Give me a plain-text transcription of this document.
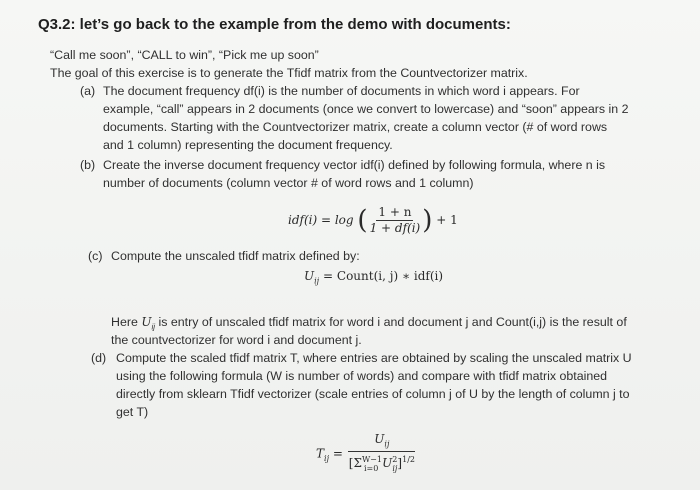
Q3.2: let’s go back to the example from the demo with documents:
“Call me soon”, “CALL to win”, “Pick me up soon”
The goal of this exercise is to generate the Tfidf matrix from the Countvectorizer matrix.
(a) The document frequency df(i) is the number of documents in which word i appears. For
example, “call” appears in 2 documents (once we convert to lowercase) and “soon” appears in 2
documents. Starting with the Countvectorizer matrix, create a column vector (# of word rows
and 1 column) representing the document frequency.
(b) Create the inverse document frequency vector idf(i) defined by following formula, where n is
number of documents (column vector # of word rows and 1 column)
idf(i) = log ( $\frac{1 + n}{1 + df(i)}$ ) + 1
(c) Compute the unscaled tfidf matrix defined by:
$U_{ij}$ = Count(i, j) ∗ idf(i)
Here $U_{ij}$ is entry of unscaled tfidf matrix for word i and document j and Count(i,j) is the result of
the countvectorizer for word i and document j.
(d) Compute the scaled tfidf matrix T, where entries are obtained by scaling the unscaled matrix U
using the following formula (W is number of words) and compare with tfidf matrix obtained
directly from sklearn Tfidf vectorizer (scale entries of column j of U by the length of column j to
get T)
$T_{ij} = \frac{U_{ij}}{[\Sigma^{W-1}_{i=0} U^2_{ij}]^{1/2}}$
